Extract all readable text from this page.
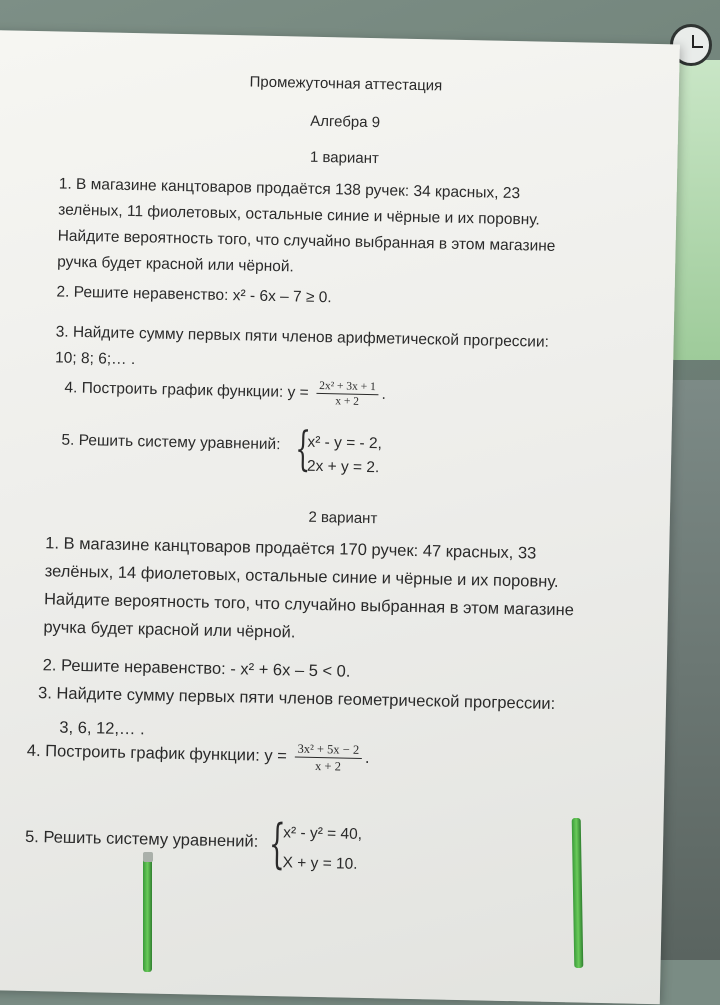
Промежуточная аттестация
Алгебра 9
1 вариант
1. В магазине канцтоваров продаётся 138 ручек: 34 красных, 23
зелёных, 11 фиолетовых, остальные синие и чёрные и их поровну.
Найдите вероятность того, что случайно выбранная в этом магазине
ручка будет красной или чёрной.
2. Решите неравенство: x² - 6x – 7 ≥ 0.
3. Найдите сумму первых пяти членов арифметической прогрессии:
10; 8; 6;… .
4. Построить график функции: $у = \frac{\text{2x² + 3x + 1}}{x + 2}$ .
5. Решить систему уравнений: {
x² - y = - 2,
2x + y = 2.
2 вариант
1. В магазине канцтоваров продаётся 170 ручек: 47 красных, 33
зелёных, 14 фиолетовых, остальные синие и чёрные и их поровну.
Найдите вероятность того, что случайно выбранная в этом магазине
ручка будет красной или чёрной.
2. Решите неравенство: - x² + 6x – 5 < 0.
3. Найдите сумму первых пяти членов геометрической прогрессии:
3, 6, 12,… .
4. Построить график функции: $у = \frac{\text{3x² + 5x − 2}}{x + 2}$ .
5. Решить систему уравнений: {
x² - y² = 40,
X + y = 10.
